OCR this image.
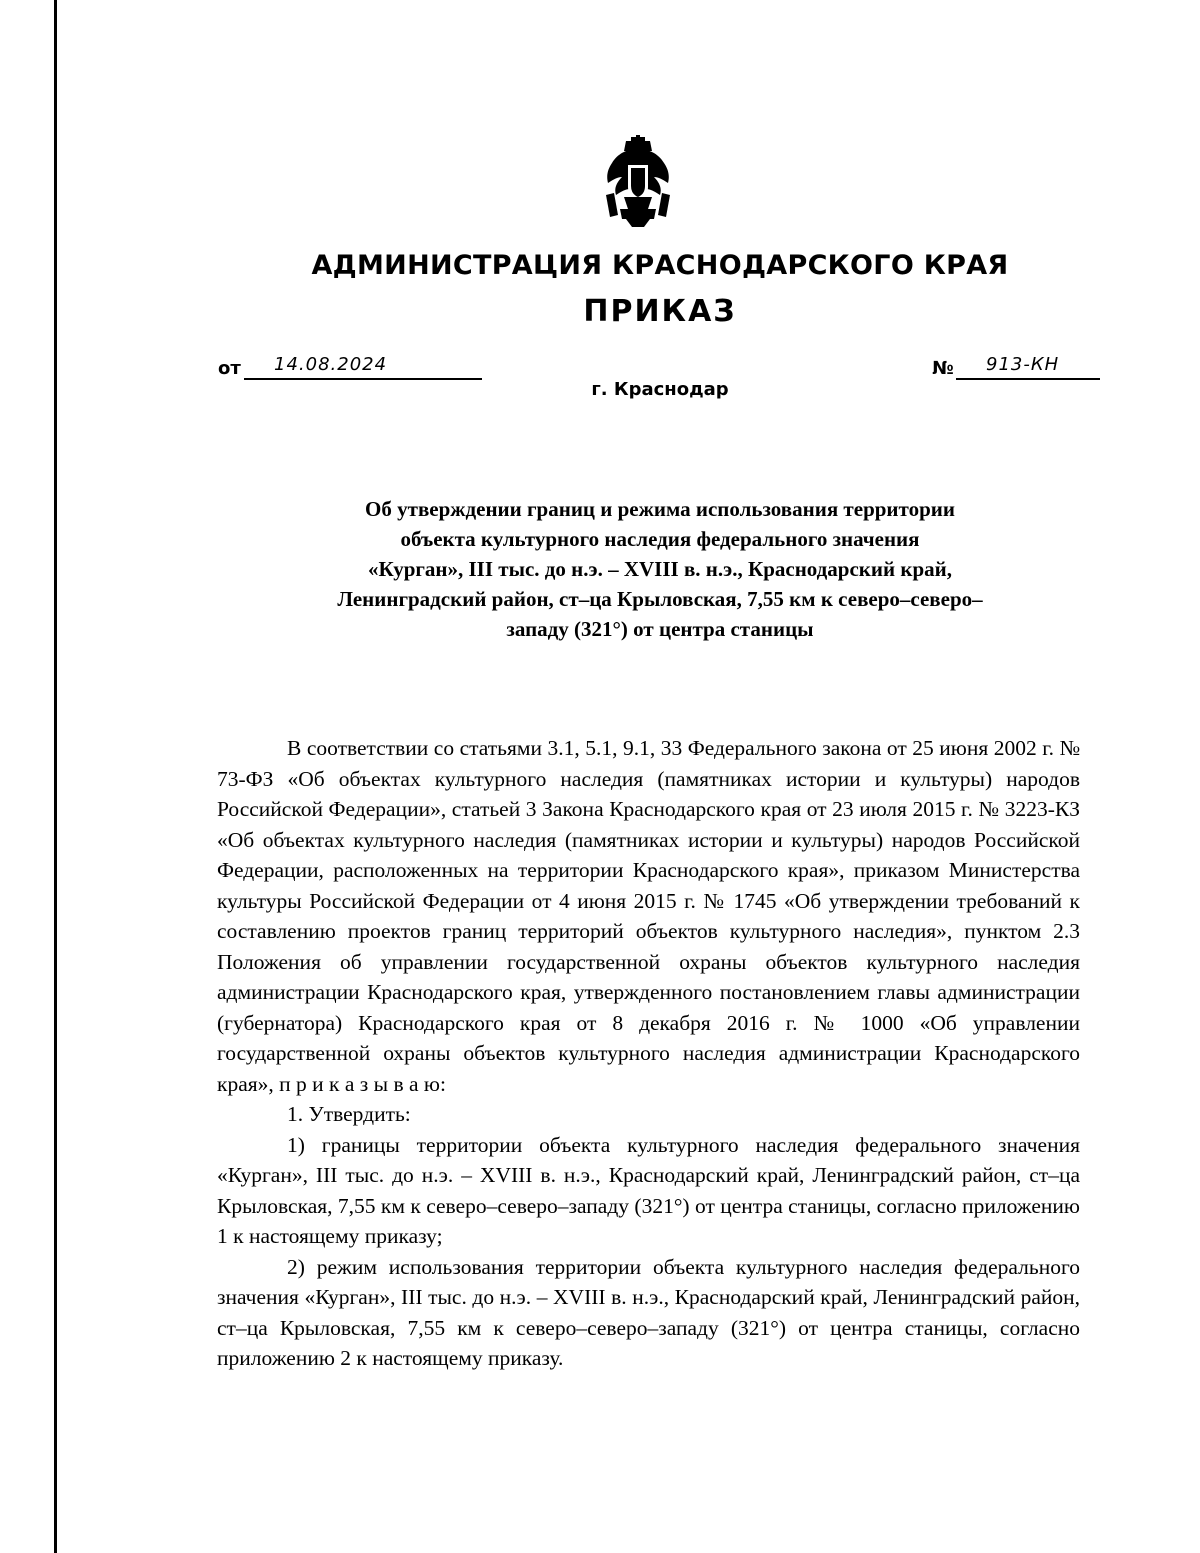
АДМИНИСТРАЦИЯ КРАСНОДАРСКОГО КРАЯ
ПРИКАЗ
от 14.08.2024	№ 913-КН
г. Краснодар
Об утверждении границ и режима использования территории
объекта культурного наследия федерального значения
«Курган», III тыс. до н.э. – XVIII в. н.э., Краснодарский край,
Ленинградский район, ст–ца Крыловская, 7,55 км к северо–северо–
западу (321°) от центра станицы

В соответствии со статьями 3.1, 5.1, 9.1, 33 Федерального закона от 25 июня 2002 г. № 73-ФЗ «Об объектах культурного наследия (памятниках истории и культуры) народов Российской Федерации», статьей 3 Закона Краснодарского края от 23 июля 2015 г. № 3223-КЗ «Об объектах культурного наследия (памятниках истории и культуры) народов Российской Федерации, расположенных на территории Краснодарского края», приказом Министерства культуры Российской Федерации от 4 июня 2015 г. № 1745 «Об утверждении требований к составлению проектов границ территорий объектов культурного наследия», пунктом 2.3 Положения об управлении государственной охраны объектов культурного наследия администрации Краснодарского края, утвержденного постановлением главы администрации (губернатора) Краснодарского края от 8 декабря 2016 г. № 1000 «Об управлении государственной охраны объектов культурного наследия администрации Краснодарского края», п р и к а з ы в а ю:

1. Утвердить:

1) границы территории объекта культурного наследия федерального значения «Курган», III тыс. до н.э. – XVIII в. н.э., Краснодарский край, Ленинградский район, ст–ца Крыловская, 7,55 км к северо–северо–западу (321°) от центра станицы, согласно приложению 1 к настоящему приказу;

2) режим использования территории объекта культурного наследия федерального значения «Курган», III тыс. до н.э. – XVIII в. н.э., Краснодарский край, Ленинградский район, ст–ца Крыловская, 7,55 км к северо–северо–западу (321°) от центра станицы, согласно приложению 2 к настоящему приказу.
